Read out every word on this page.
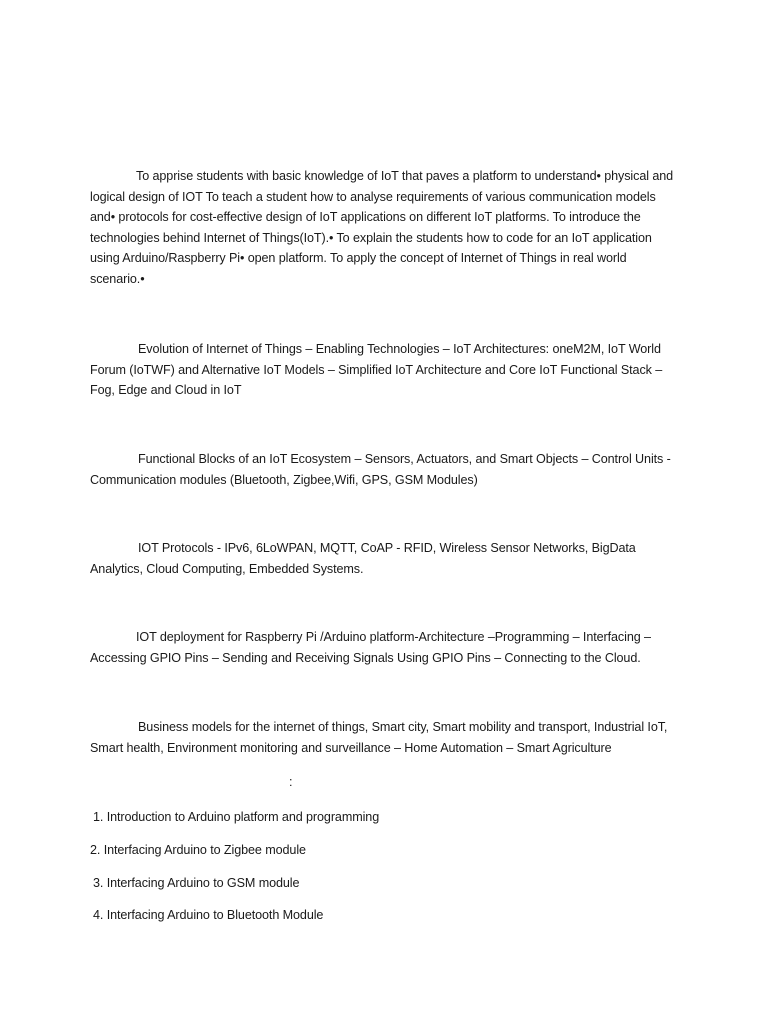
To apprise students with basic knowledge of IoT that paves a platform to understand• physical and logical design of IOT To teach a student how to analyse requirements of various communication models and• protocols for cost-effective design of IoT applications on different IoT platforms. To introduce the technologies behind Internet of Things(IoT).• To explain the students how to code for an IoT application using Arduino/Raspberry Pi• open platform. To apply the concept of Internet of Things in real world scenario.•

Evolution of Internet of Things – Enabling Technologies – IoT Architectures: oneM2M, IoT World Forum (IoTWF) and Alternative IoT Models – Simplified IoT Architecture and Core IoT Functional Stack – Fog, Edge and Cloud in IoT

Functional Blocks of an IoT Ecosystem – Sensors, Actuators, and Smart Objects – Control Units - Communication modules (Bluetooth, Zigbee,Wifi, GPS, GSM Modules)

IOT Protocols - IPv6, 6LoWPAN, MQTT, CoAP - RFID, Wireless Sensor Networks, BigData Analytics, Cloud Computing, Embedded Systems.

IOT deployment for Raspberry Pi /Arduino platform-Architecture –Programming – Interfacing – Accessing GPIO Pins – Sending and Receiving Signals Using GPIO Pins – Connecting to the Cloud.

Business models for the internet of things, Smart city, Smart mobility and transport, Industrial IoT, Smart health, Environment monitoring and surveillance – Home Automation – Smart Agriculture

:

1. Introduction to Arduino platform and programming

2. Interfacing Arduino to Zigbee module

3. Interfacing Arduino to GSM module

4. Interfacing Arduino to Bluetooth Module
